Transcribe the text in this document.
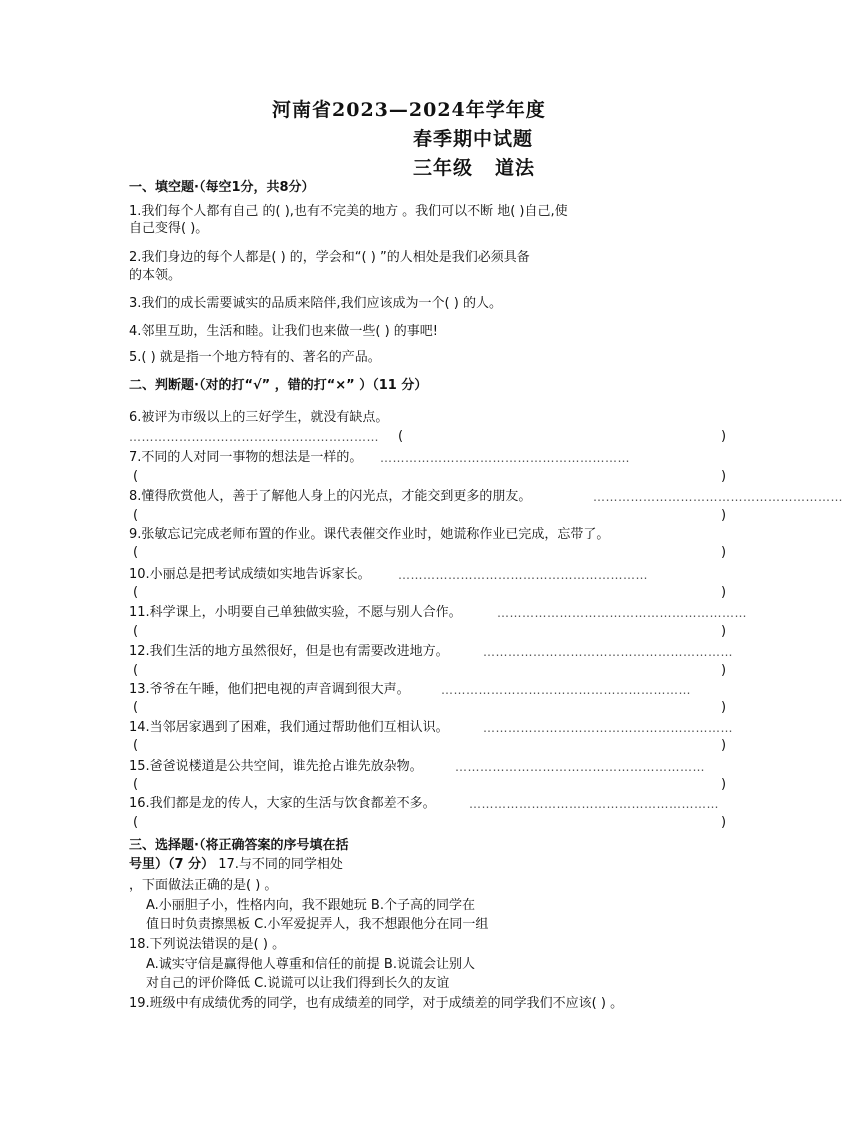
河南省2023—2024年学年度
春季期中试题
三年级 道法
一、填空题·（每空1分，共8分）
1.我们每个人都有自己 的( ),也有不完美的地方 。我们可以不断 地( )自己,使
自己变得( )。
2.我们身边的每个人都是( ) 的，学会和“( ) ”的人相处是我们必须具备
的本领。
3.我们的成长需要诚实的品质来陪伴,我们应该成为一个( ) 的人。
4.邻里互助，生活和睦。让我们也来做一些( ) 的事吧!
5.( ) 就是指一个地方特有的、著名的产品。
二、判断题·（对的打“√” ，错的打“×” ）（11 分）
6.被评为市级以上的三好学生，就没有缺点。
…………………………………………………… (	)
7.不同的人对同一事物的想法是一样的。 ……………………………………………………
(	)
8.懂得欣赏他人，善于了解他人身上的闪光点，才能交到更多的朋友。	……………………………………………………
(	)
9.张敏忘记完成老师布置的作业。课代表催交作业时，她谎称作业已完成，忘带了。
(	)
10.小丽总是把考试成绩如实地告诉家长。 ……………………………………………………
(	)
11.科学课上，小明要自己单独做实验，不愿与别人合作。	……………………………………………………
(	)
12.我们生活的地方虽然很好，但是也有需要改进地方。	……………………………………………………
(	)
13.爷爷在午睡，他们把电视的声音调到很大声。	……………………………………………………
(	)
14.当邻居家遇到了困难，我们通过帮助他们互相认识。	……………………………………………………
(	)
15.爸爸说楼道是公共空间，谁先抢占谁先放杂物。	……………………………………………………
(	)
16.我们都是龙的传人，大家的生活与饮食都差不多。	……………………………………………………
(	)
三、选择题·（将正确答案的序号填在括
号里）（7 分） 17.与不同的同学相处
，下面做法正确的是( ) 。
A.小丽胆子小，性格内向，我不跟她玩 B.个子高的同学在
值日时负责擦黑板 C.小军爱捉弄人，我不想跟他分在同一组
18.下列说法错误的是( ) 。
A.诚实守信是赢得他人尊重和信任的前提 B.说谎会让别人
对自己的评价降低 C.说谎可以让我们得到长久的友谊
19.班级中有成绩优秀的同学，也有成绩差的同学，对于成绩差的同学我们不应该( ) 。
